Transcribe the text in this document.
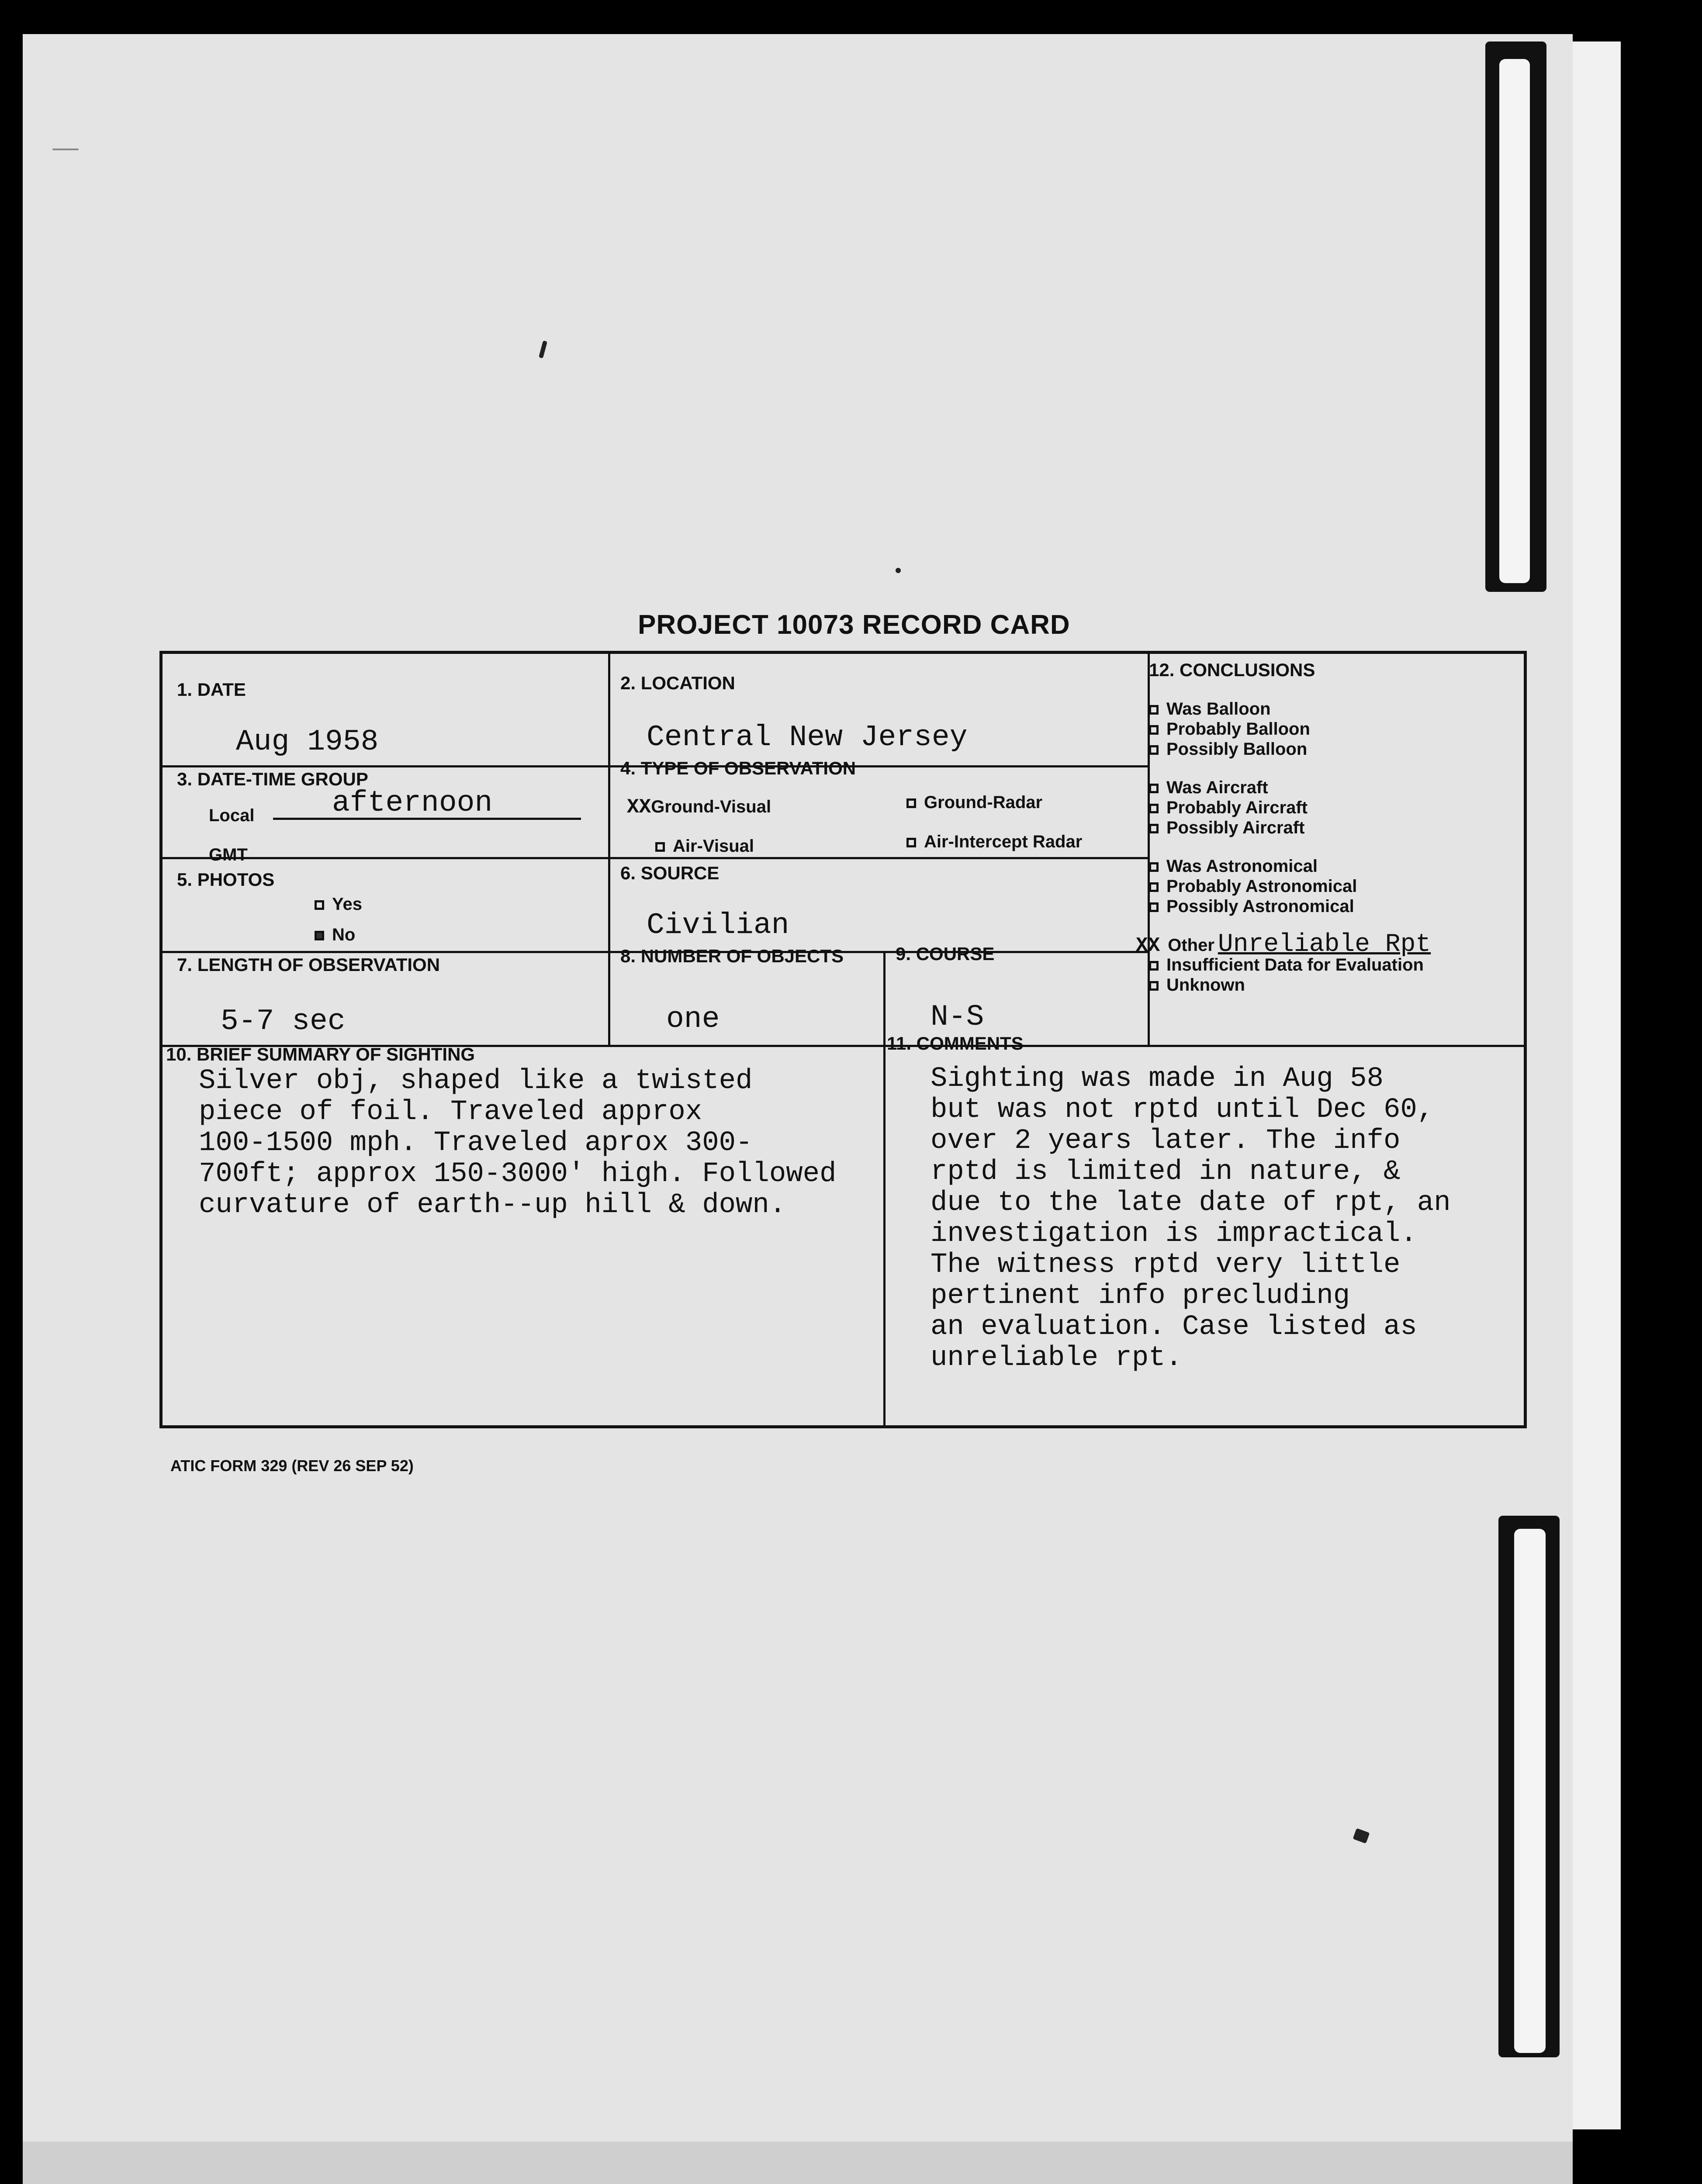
PROJECT 10073 RECORD CARD
1. DATE
Aug 1958
2. LOCATION
Central New Jersey
3. DATE-TIME GROUP
Local	afternoon
GMT
4. TYPE OF OBSERVATION
XXGround-Visual	Ground-Radar
Air-Visual	Air-Intercept Radar
5. PHOTOS
Yes
No
6. SOURCE
Civilian
7. LENGTH OF OBSERVATION
5-7 sec
8. NUMBER OF OBJECTS
one
9. COURSE
N-S
10. BRIEF SUMMARY OF SIGHTING
Silver obj, shaped like a twisted
piece of foil. Traveled approx
100-1500 mph. Traveled aprox 300-
700ft; approx 150-3000' high. Followed
curvature of earth--up hill & down.
11. COMMENTS
Sighting was made in Aug 58
but was not rptd until Dec 60,
over 2 years later. The info
rptd is limited in nature, &
due to the late date of rpt, an
investigation is impractical.
The witness rptd very little
pertinent info precluding
an evaluation. Case listed as
unreliable rpt.
12. CONCLUSIONS
Was Balloon
Probably Balloon
Possibly Balloon
Was Aircraft
Probably Aircraft
Possibly Aircraft
Was Astronomical
Probably Astronomical
Possibly Astronomical
XX Other Unreliable Rpt
Insufficient Data for Evaluation
Unknown
ATIC FORM 329 (REV 26 SEP 52)
